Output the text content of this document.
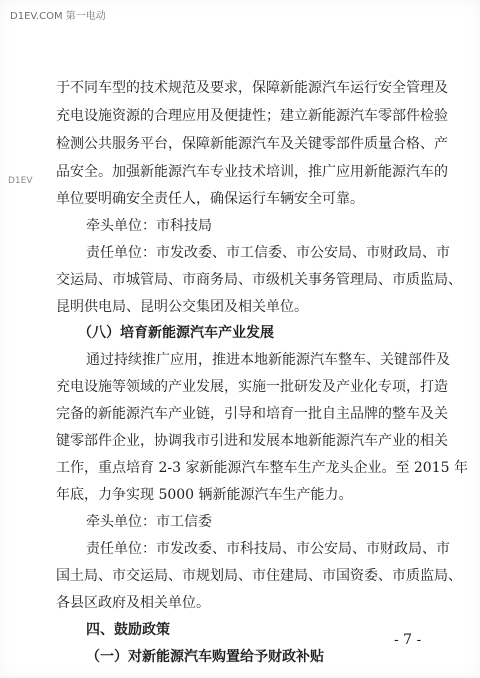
D1EV.COM 第一电动
D1EV
于不同车型的技术规范及要求，保障新能源汽车运行安全管理及
充电设施资源的合理应用及便捷性；建立新能源汽车零部件检验
检测公共服务平台，保障新能源汽车及关键零部件质量合格、产
品安全。加强新能源汽车专业技术培训，推广应用新能源汽车的
单位要明确安全责任人，确保运行车辆安全可靠。
牵头单位：市科技局
责任单位：市发改委、市工信委、市公安局、市财政局、市
交运局、市城管局、市商务局、市级机关事务管理局、市质监局、
昆明供电局、昆明公交集团及相关单位。
（八）培育新能源汽车产业发展
通过持续推广应用，推进本地新能源汽车整车、关键部件及
充电设施等领域的产业发展，实施一批研发及产业化专项，打造
完备的新能源汽车产业链，引导和培育一批自主品牌的整车及关
键零部件企业，协调我市引进和发展本地新能源汽车产业的相关
工作，重点培育 2-3 家新能源汽车整车生产龙头企业。至 2015 年
年底，力争实现 5000 辆新能源汽车生产能力。
牵头单位：市工信委
责任单位：市发改委、市科技局、市公安局、市财政局、市
国土局、市交运局、市规划局、市住建局、市国资委、市质监局、
各县区政府及相关单位。
四、鼓励政策
（一）对新能源汽车购置给予财政补贴
- 7 -
